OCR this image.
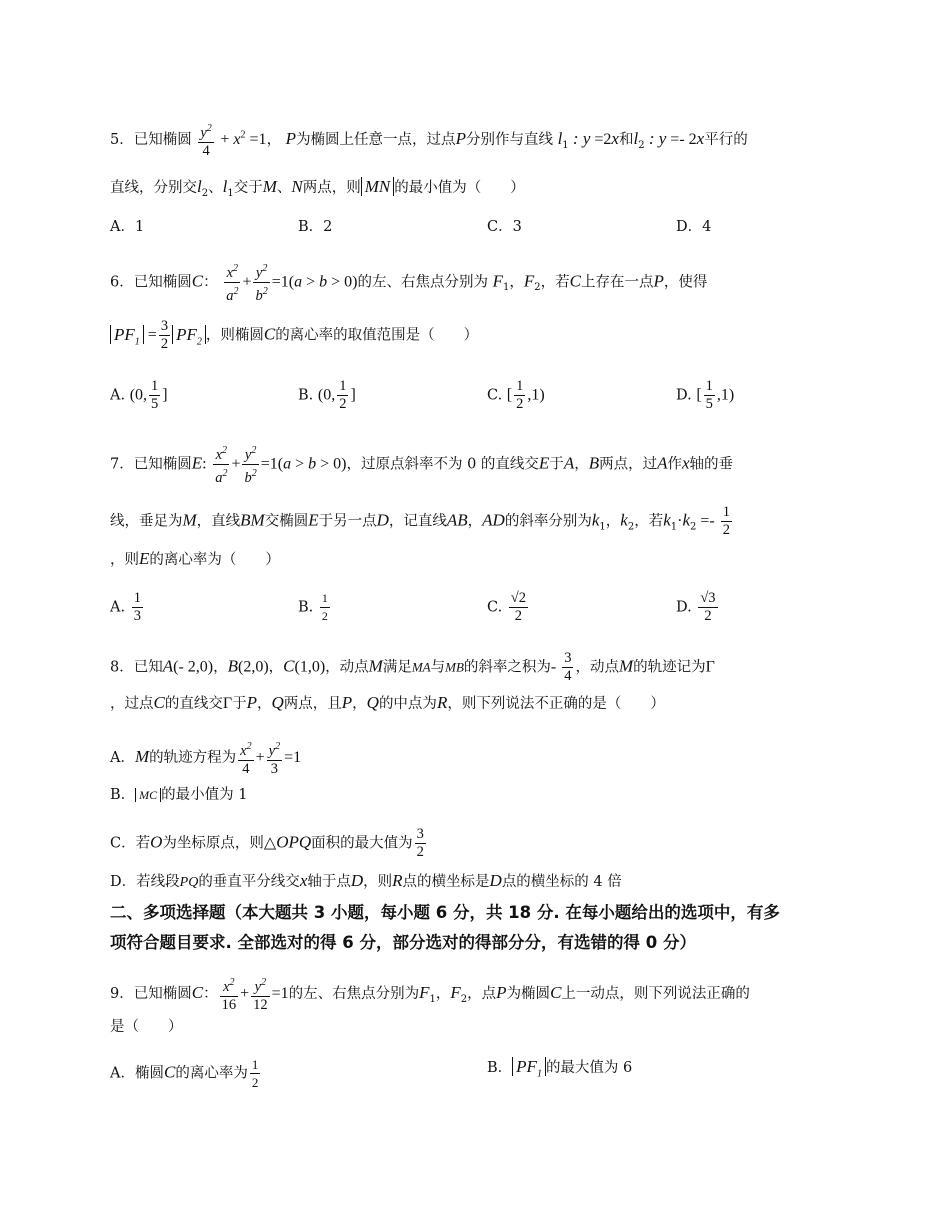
5．已知椭圆 $\frac{y^2}{4} + x^2 =1$， P为椭圆上任意一点，过点P分别作与直线 $l_1$ : y =2x和$l_2$ : y =- 2x平行的
直线，分别交$l_2$、$l_1$交于M、N两点，则 MN 的最小值为（　　）
A．1	B．2	C．3	D．4
6．已知椭圆C： $\frac{x^2}{a^2} + \frac{y^2}{b^2} =1(a > b > 0)$的左、右焦点分别为 $F_1$，$F_2$，若C上存在一点P，使得
$PF_1 = \frac{3}{2} PF_2$ ，则椭圆C的离心率的取值范围是（　　）
A. (0, $\frac{1}{5}$ ]	B. (0, $\frac{1}{2}$ ]	C. [ $\frac{1}{2} ,1$)	D. [ $\frac{1}{5} ,1$)
7．已知椭圆E: $\frac{x^2}{a^2} + \frac{y^2}{b^2} =1(a > b > 0)$，过原点斜率不为 0 的直线交E于A，B两点，过A作x轴的垂
线，垂足为M，直线BM交椭圆E于另一点D，记直线AB，AD的斜率分别为$k_1$，$k_2$，若$k_1\cdot k_2 =- \frac{1}{2}$
，则E的离心率为（　　）
A. $\frac{1}{3}$	B. $\frac{1}{2}$	C. $\frac{√2}{2}$	D. $\frac{√3}{2}$
8．已知A(- 2,0)，B(2,0)，C(1,0)，动点M满足MA与MB的斜率之积为- $\frac{3}{4}$ ，动点M的轨迹记为Γ
，过点C的直线交Γ于P，Q两点，且P，Q的中点为R，则下列说法不正确的是（　　）
A．M的轨迹方程为 $\frac{x^2}{4} + \frac{y^2}{3} =1$
B． MC 的最小值为 1
C．若O为坐标原点，则△OPQ面积的最大值为 $\frac{3}{2}$
D．若线段PQ的垂直平分线交x轴于点D，则R点的横坐标是D点的横坐标的 4 倍
二、多项选择题（本大题共 3 小题，每小题 6 分，共 18 分. 在每小题给出的选项中，有多
项符合题目要求. 全部选对的得 6 分，部分选对的得部分分，有选错的得 0 分）
9．已知椭圆C： $\frac{x^2}{16} + \frac{y^2}{12} =1$的左、右焦点分别为$F_1$，$F_2$，点P为椭圆C上一动点，则下列说法正确的
是（　　）
A．椭圆C的离心率为 $\frac{1}{2}$	B． $PF_1$ 的最大值为 6
